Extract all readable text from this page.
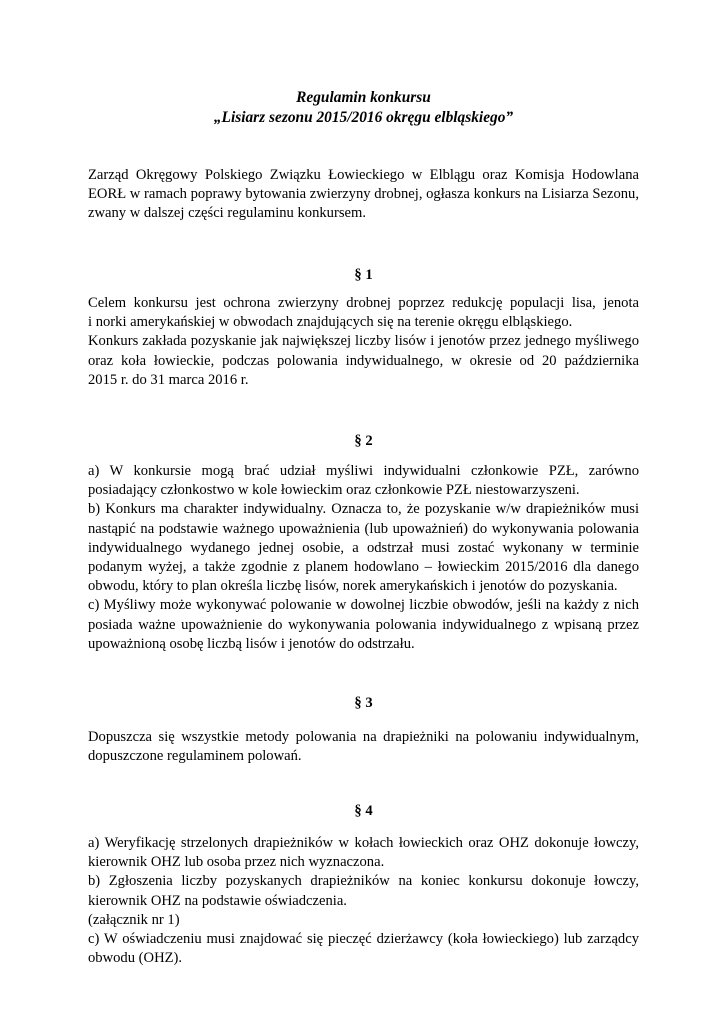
Regulamin konkursu

„Lisiarz sezonu 2015/2016 okręgu elbląskiego”

Zarząd Okręgowy Polskiego Związku Łowieckiego w Elblągu oraz Komisja Hodowlana
EORŁ w ramach poprawy bytowania zwierzyny drobnej, ogłasza konkurs na Lisiarza Sezonu,
zwany w dalszej części regulaminu konkursem.

§ 1

Celem konkursu jest ochrona zwierzyny drobnej poprzez redukcję populacji lisa, jenota
i norki amerykańskiej w obwodach znajdujących się na terenie okręgu elbląskiego.
Konkurs zakłada pozyskanie jak największej liczby lisów i jenotów przez jednego myśliwego
oraz koła łowieckie, podczas polowania indywidualnego, w okresie od 20 października
2015 r. do 31 marca 2016 r.

§ 2

a) W konkursie mogą brać udział myśliwi indywidualni członkowie PZŁ, zarówno
posiadający członkostwo w kole łowieckim oraz członkowie PZŁ niestowarzyszeni.
b) Konkurs ma charakter indywidualny. Oznacza to, że pozyskanie w/w drapieżników musi
nastąpić na podstawie ważnego upoważnienia (lub upoważnień) do wykonywania polowania
indywidualnego wydanego jednej osobie, a odstrzał musi zostać wykonany w terminie
podanym wyżej, a także zgodnie z planem hodowlano – łowieckim 2015/2016 dla danego
obwodu, który to plan określa liczbę lisów, norek amerykańskich i jenotów do pozyskania.
c) Myśliwy może wykonywać polowanie w dowolnej liczbie obwodów, jeśli na każdy z nich
posiada ważne upoważnienie do wykonywania polowania indywidualnego z wpisaną przez
upoważnioną osobę liczbą lisów i jenotów do odstrzału.

§ 3

Dopuszcza się wszystkie metody polowania na drapieżniki na polowaniu indywidualnym,
dopuszczone regulaminem polowań.

§ 4

a) Weryfikację strzelonych drapieżników w kołach łowieckich oraz OHZ dokonuje łowczy,
kierownik OHZ lub osoba przez nich wyznaczona.
b) Zgłoszenia liczby pozyskanych drapieżników na koniec konkursu dokonuje łowczy,
kierownik OHZ na podstawie oświadczenia.
(załącznik nr 1)
c) W oświadczeniu musi znajdować się pieczęć dzierżawcy (koła łowieckiego) lub zarządcy
obwodu (OHZ).
